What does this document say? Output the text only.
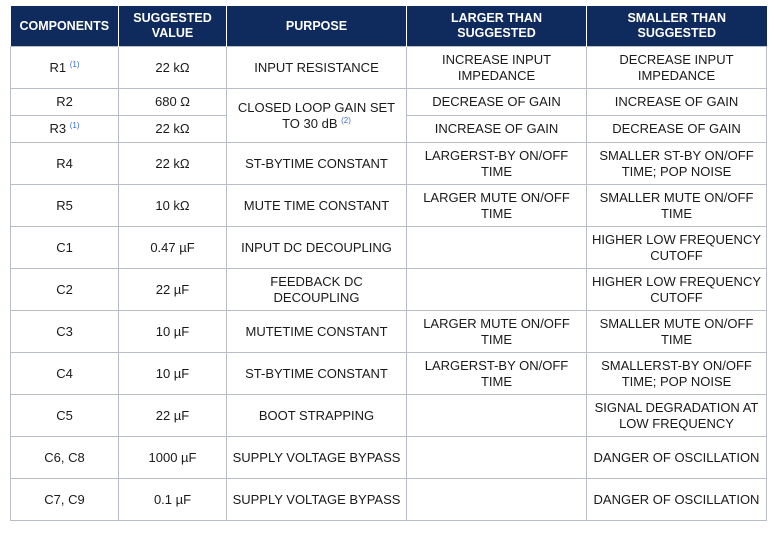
COMPONENTS	SUGGESTED VALUE	PURPOSE	LARGER THAN SUGGESTED	SMALLER THAN SUGGESTED
R1 $^{(1)}$	22 kΩ	INPUT RESISTANCE	INCREASE INPUT IMPEDANCE	DECREASE INPUT IMPEDANCE
R2	680 Ω	CLOSED LOOP GAIN SET TO 30 dB $^{(2)}$	DECREASE OF GAIN	INCREASE OF GAIN
R3 $^{(1)}$	22 kΩ		INCREASE OF GAIN	DECREASE OF GAIN
R4	22 kΩ	ST-BYTIME CONSTANT	LARGERST-BY ON/OFF TIME	SMALLER ST-BY ON/OFF TIME; POP NOISE
R5	10 kΩ	MUTE TIME CONSTANT	LARGER MUTE ON/OFF TIME	SMALLER MUTE ON/OFF TIME
C1	0.47 µF	INPUT DC DECOUPLING		HIGHER LOW FREQUENCY CUTOFF
C2	22 µF	FEEDBACK DC DECOUPLING		HIGHER LOW FREQUENCY CUTOFF
C3	10 µF	MUTETIME CONSTANT	LARGER MUTE ON/OFF TIME	SMALLER MUTE ON/OFF TIME
C4	10 µF	ST-BYTIME CONSTANT	LARGERST-BY ON/OFF TIME	SMALLERST-BY ON/OFF TIME; POP NOISE
C5	22 µF	BOOT STRAPPING		SIGNAL DEGRADATION AT LOW FREQUENCY
C6, C8	1000 µF	SUPPLY VOLTAGE BYPASS		DANGER OF OSCILLATION
C7, C9	0.1 µF	SUPPLY VOLTAGE BYPASS		DANGER OF OSCILLATION
